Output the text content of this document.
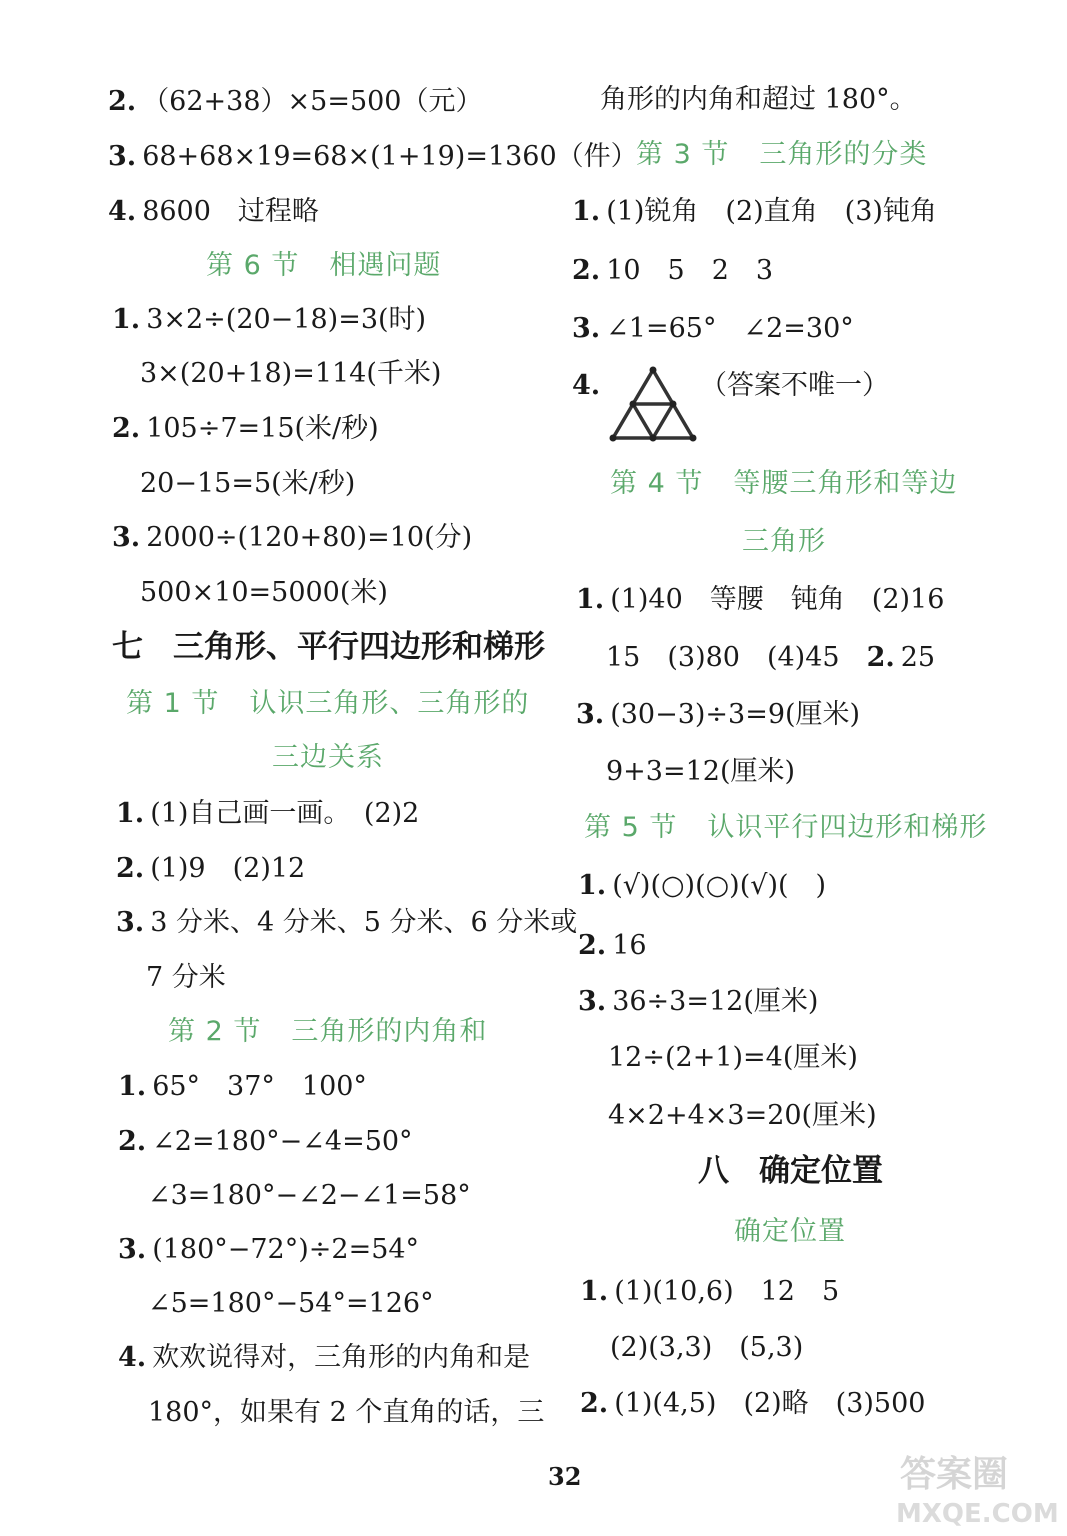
2. （62+38）×5=500（元）
3. 68+68×19=68×(1+19)=1360（件）
4. 8600　过程略
第 6 节 相遇问题
1. 3×2÷(20−18)=3(时)
3×(20+18)=114(千米)
2. 105÷7=15(米/秒)
20−15=5(米/秒)
3. 2000÷(120+80)=10(分)
500×10=5000(米)
七 三角形、平行四边形和梯形
第 1 节 认识三角形、三角形的
三边关系
1. (1)自己画一画。　(2)2
2. (1)9　(2)12
3. 3 分米、4 分米、5 分米、6 分米或
7 分米
第 2 节 三角形的内角和
1. 65°　37°　100°
2. ∠2=180°−∠4=50°
∠3=180°−∠2−∠1=58°
3. (180°−72°)÷2=54°
∠5=180°−54°=126°
4. 欢欢说得对，三角形的内角和是
180°，如果有 2 个直角的话，三
角形的内角和超过 180°。
第 3 节 三角形的分类
1. (1)锐角　(2)直角　(3)钝角
2. 10　5　2　3
3. ∠1=65°　∠2=30°
4.	（答案不唯一）
第 4 节 等腰三角形和等边
三角形
1. (1)40　等腰　钝角　(2)16
15　(3)80　(4)45　2. 25
3. (30−3)÷3=9(厘米)
9+3=12(厘米)
第 5 节 认识平行四边形和梯形
1. (√)(○)(○)(√)(　)
2. 16
3. 36÷3=12(厘米)
12÷(2+1)=4(厘米)
4×2+4×3=20(厘米)
八 确定位置
确定位置
1. (1)(10,6)　12　5
(2)(3,3)　(5,3)
2. (1)(4,5)　(2)略　(3)500
32	答案圈
MXQE.COM
